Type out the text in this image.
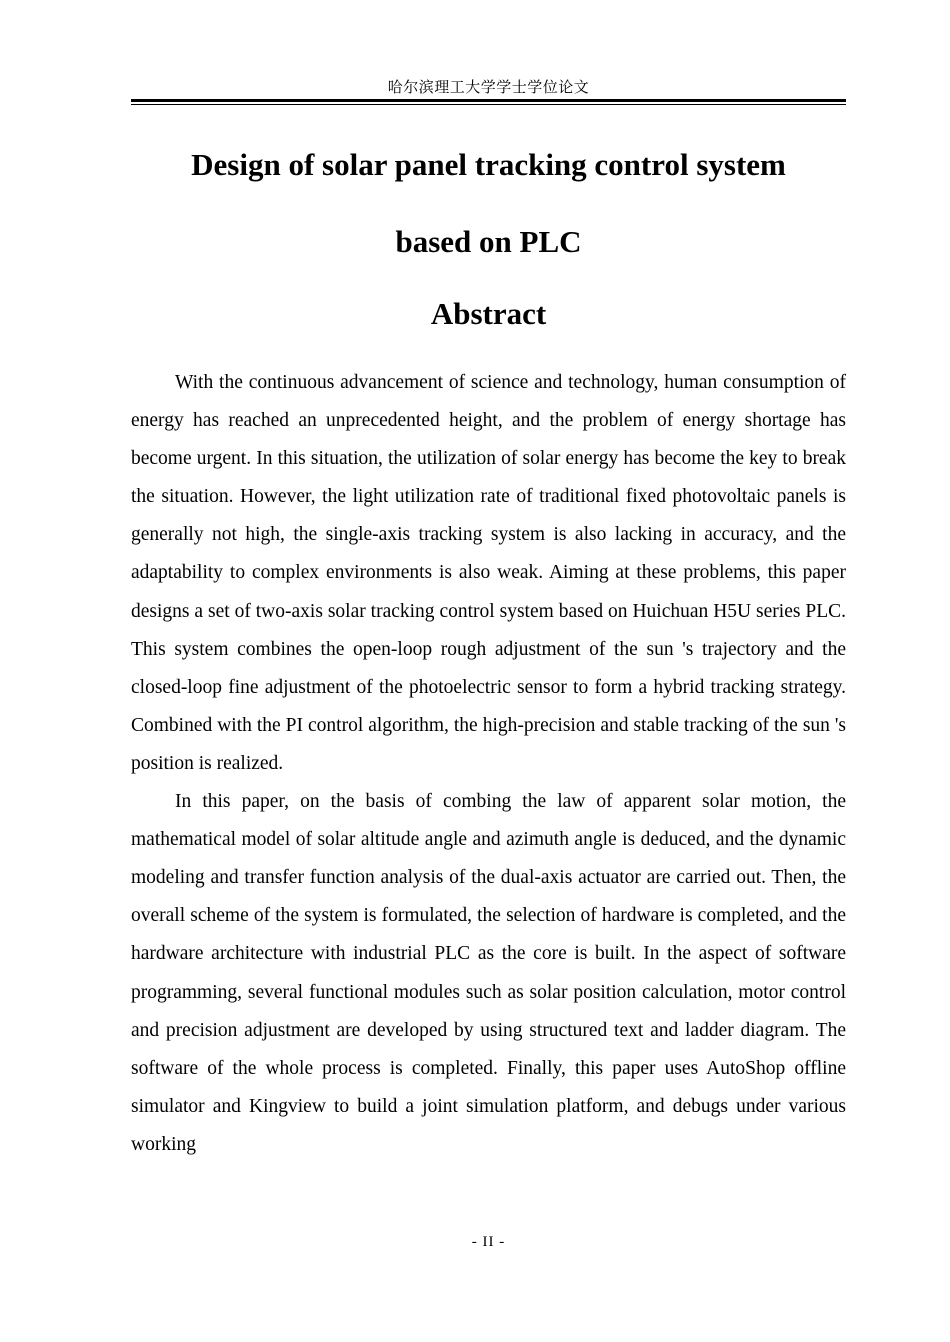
哈尔滨理工大学学士学位论文
Design of solar panel tracking control system
based on PLC
Abstract

With the continuous advancement of science and technology, human consumption of energy has reached an unprecedented height, and the problem of energy shortage has become urgent. In this situation, the utilization of solar energy has become the key to break the situation. However, the light utilization rate of traditional fixed photovoltaic panels is generally not high, the single-axis tracking system is also lacking in accuracy, and the adaptability to complex environments is also weak. Aiming at these problems, this paper designs a set of two-axis solar tracking control system based on Huichuan H5U series PLC. This system combines the open-loop rough adjustment of the sun 's trajectory and the closed-loop fine adjustment of the photoelectric sensor to form a hybrid tracking strategy. Combined with the PI control algorithm, the high-precision and stable tracking of the sun 's position is realized.

In this paper, on the basis of combing the law of apparent solar motion, the mathematical model of solar altitude angle and azimuth angle is deduced, and the dynamic modeling and transfer function analysis of the dual-axis actuator are carried out. Then, the overall scheme of the system is formulated, the selection of hardware is completed, and the hardware architecture with industrial PLC as the core is built. In the aspect of software programming, several functional modules such as solar position calculation, motor control and precision adjustment are developed by using structured text and ladder diagram. The software of the whole process is completed. Finally, this paper uses AutoShop offline simulator and Kingview to build a joint simulation platform, and debugs under various working

- II -
